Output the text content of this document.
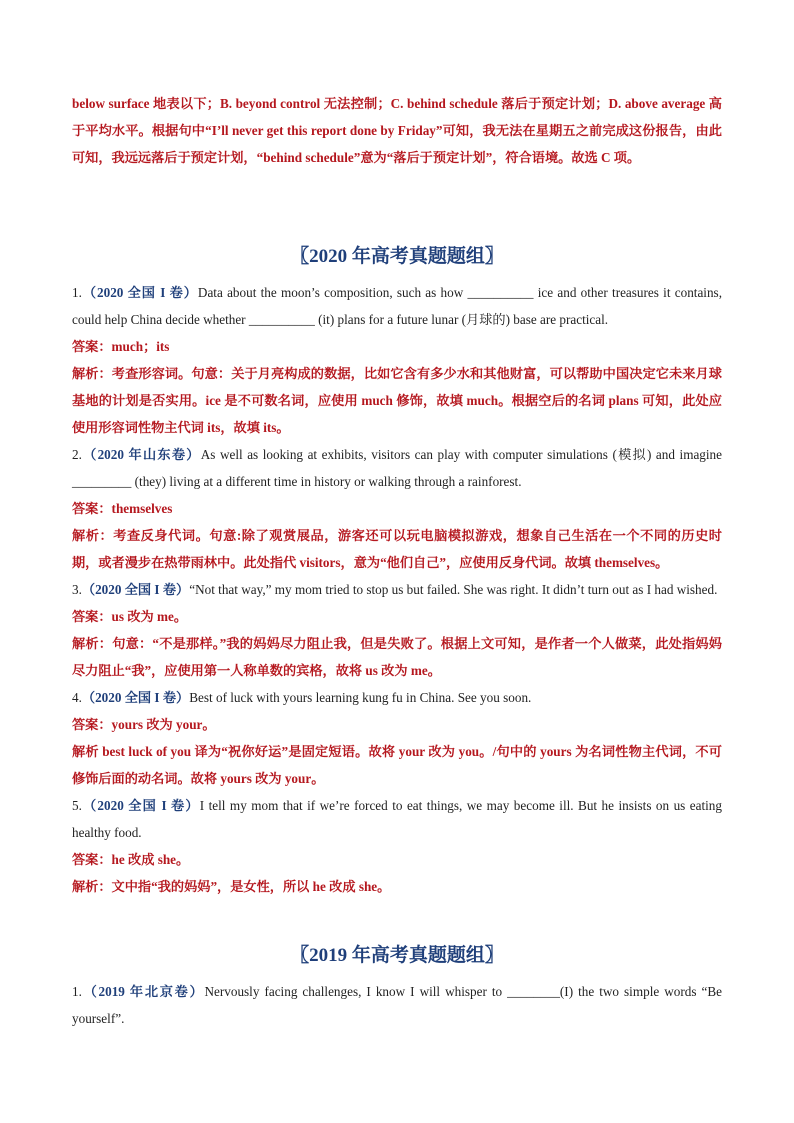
below surface 地表以下；B. beyond control 无法控制；C. behind schedule 落后于预定计划；D. above average 高于平均水平。根据句中“I’ll never get this report done by Friday”可知，我无法在星期五之前完成这份报告，由此可知，我远远落后于预定计划，“behind schedule”意为“落后于预定计划”，符合语境。故选 C 项。

〖2020 年高考真题题组〗

1.（2020 全国 I 卷）Data about the moon’s composition, such as how __________ ice and other treasures it contains, could help China decide whether __________ (it) plans for a future lunar (月球的) base are practical.

答案：much；its

解析：考查形容词。句意：关于月亮构成的数据，比如它含有多少水和其他财富，可以帮助中国决定它未来月球基地的计划是否实用。ice 是不可数名词，应使用 much 修饰，故填 much。根据空后的名词 plans 可知，此处应使用形容词性物主代词 its，故填 its。

2.（2020 年山东卷）As well as looking at exhibits, visitors can play with computer simulations (模拟) and imagine _________ (they) living at a different time in history or walking through a rainforest.

答案：themselves

解析：考查反身代词。句意:除了观赏展品，游客还可以玩电脑模拟游戏，想象自己生活在一个不同的历史时期，或者漫步在热带雨林中。此处指代 visitors，意为“他们自己”，应使用反身代词。故填 themselves。

3.（2020 全国 I 卷）“Not that way,” my mom tried to stop us but failed. She was right. It didn’t turn out as I had wished.

答案：us 改为 me。

解析：句意：“不是那样。”我的妈妈尽力阻止我，但是失败了。根据上文可知，是作者一个人做菜，此处指妈妈尽力阻止“我”，应使用第一人称单数的宾格，故将 us 改为 me。

4.（2020 全国 I 卷）Best of luck with yours learning kung fu in China. See you soon.

答案：yours 改为 your。

解析 best luck of you 译为“祝你好运”是固定短语。故将 your 改为 you。/句中的 yours 为名词性物主代词，不可修饰后面的动名词。故将 yours 改为 your。

5.（2020 全国 I 卷）I tell my mom that if we’re forced to eat things, we may become ill. But he insists on us eating healthy food.

答案：he 改成 she。

解析：文中指“我的妈妈”，是女性，所以 he 改成 she。

〖2019 年高考真题题组〗

1.（2019 年北京卷）Nervously facing challenges, I know I will whisper to ________(I) the two simple words “Be yourself”.
